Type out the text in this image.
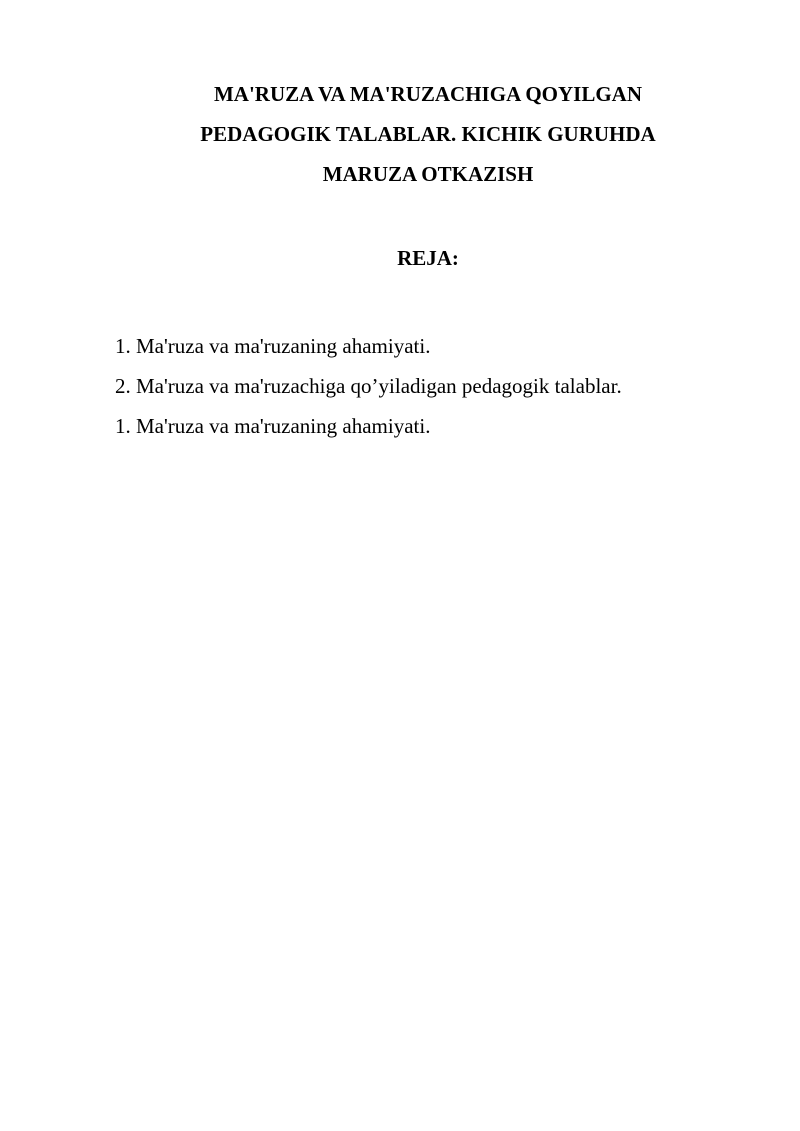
MA'RUZA VA MA'RUZACHIGA QOYILGAN
PEDAGOGIK TALABLAR. KICHIK GURUHDA
MARUZA OTKAZISH
REJA:
1. Ma'ruza va ma'ruzaning ahamiyati.
2. Ma'ruza va ma'ruzachiga qo’yiladigan pedagogik talablar.
1. Ma'ruza va ma'ruzaning ahamiyati.
